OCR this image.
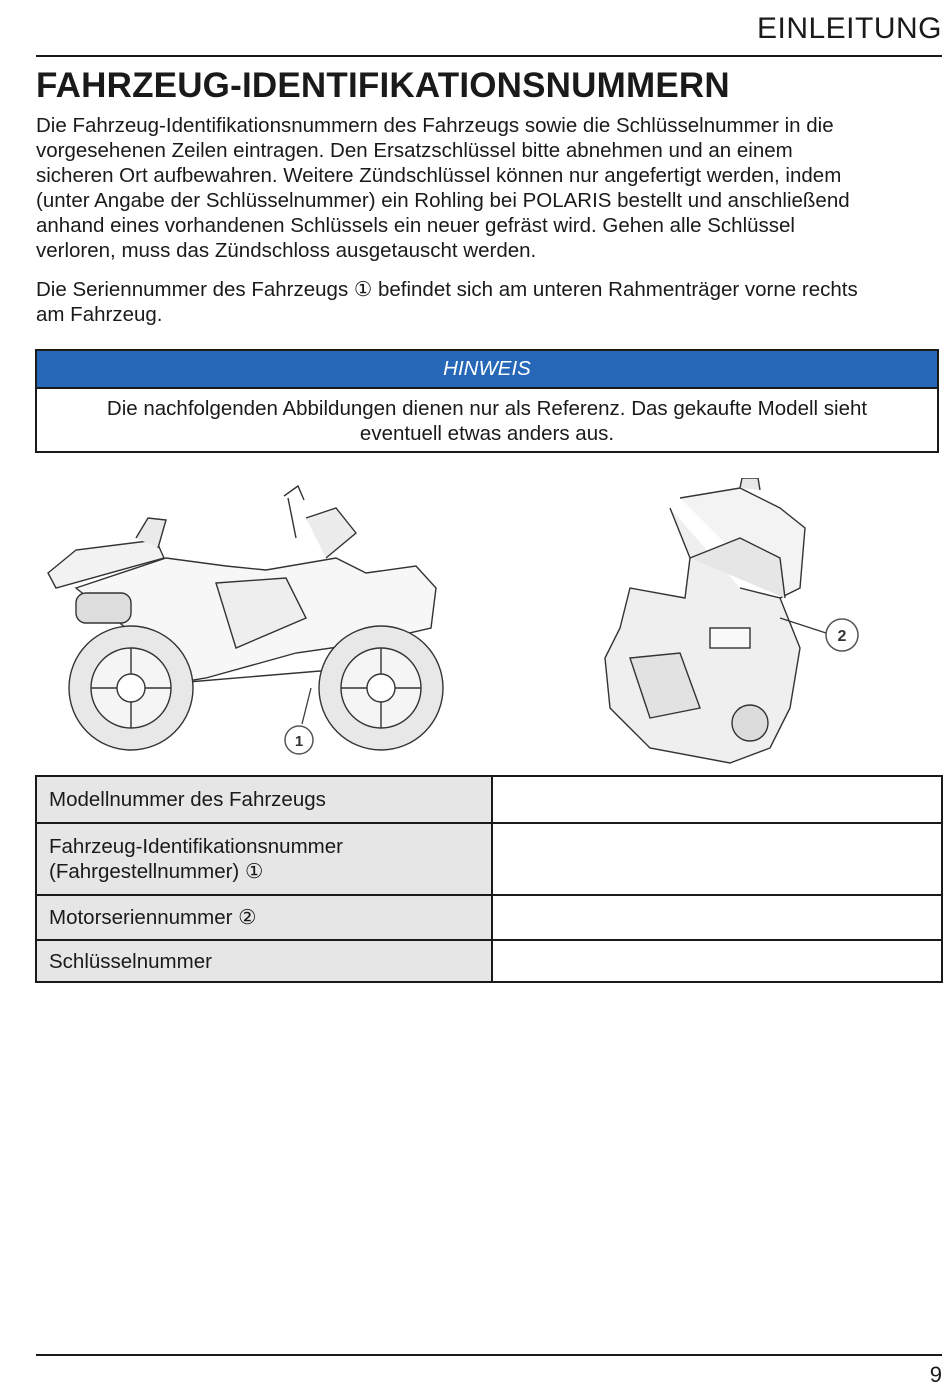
EINLEITUNG
FAHRZEUG-IDENTIFIKATIONSNUMMERN

Die Fahrzeug-Identifikationsnummern des Fahrzeugs sowie die Schlüsselnummer in die
vorgesehenen Zeilen eintragen. Den Ersatzschlüssel bitte abnehmen und an einem
sicheren Ort aufbewahren. Weitere Zündschlüssel können nur angefertigt werden, indem
(unter Angabe der Schlüsselnummer) ein Rohling bei POLARIS bestellt und anschließend
anhand eines vorhandenen Schlüssels ein neuer gefräst wird. Gehen alle Schlüssel
verloren, muss das Zündschloss ausgetauscht werden.

Die Seriennummer des Fahrzeugs ① befindet sich am unteren Rahmenträger vorne rechts
am Fahrzeug.

HINWEIS
Die nachfolgenden Abbildungen dienen nur als Referenz. Das gekaufte Modell sieht
eventuell etwas anders aus.
1
2
Modellnummer des Fahrzeugs	
Fahrzeug-Identifikationsnummer
(Fahrgestellnummer) ①	
Motorseriennummer ②	
Schlüsselnummer	
9
